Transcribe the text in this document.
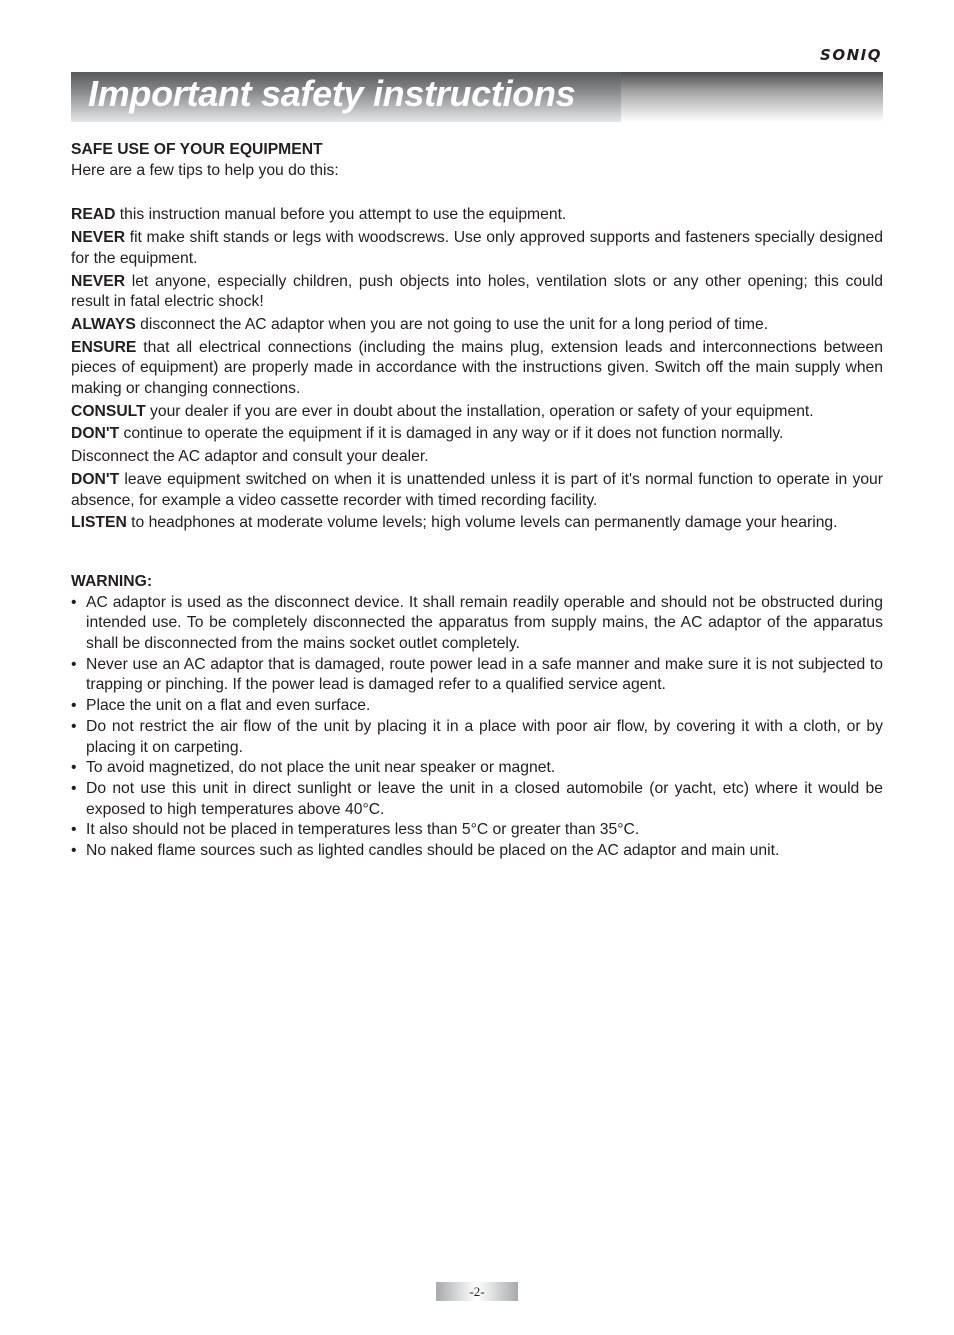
SONIQ
Important safety instructions

SAFE USE OF YOUR EQUIPMENT

Here are a few tips to help you do this:

READ this instruction manual before you attempt to use the equipment.

NEVER fit make shift stands or legs with woodscrews. Use only approved supports and fasteners specially designed for the equipment.

NEVER let anyone, especially children, push objects into holes, ventilation slots or any other opening; this could result in fatal electric shock!

ALWAYS disconnect the AC adaptor when you are not going to use the unit for a long period of time.

ENSURE that all electrical connections (including the mains plug, extension leads and interconnections between pieces of equipment) are properly made in accordance with the instructions given. Switch off the main supply when making or changing connections.

CONSULT your dealer if you are ever in doubt about the installation, operation or safety of your equipment.

DON'T continue to operate the equipment if it is damaged in any way or if it does not function normally.

Disconnect the AC adaptor and consult your dealer.

DON'T leave equipment switched on when it is unattended unless it is part of it's normal function to operate in your absence, for example a video cassette recorder with timed recording facility.

LISTEN to headphones at moderate volume levels; high volume levels can permanently damage your hearing.

WARNING:

• AC adaptor is used as the disconnect device. It shall remain readily operable and should not be obstructed during intended use. To be completely disconnected the apparatus from supply mains, the AC adaptor of the apparatus shall be disconnected from the mains socket outlet completely.
• Never use an AC adaptor that is damaged, route power lead in a safe manner and make sure it is not subjected to trapping or pinching. If the power lead is damaged refer to a qualified service agent.
• Place the unit on a flat and even surface.
• Do not restrict the air flow of the unit by placing it in a place with poor air flow, by covering it with a cloth, or by placing it on carpeting.
• To avoid magnetized, do not place the unit near speaker or magnet.
• Do not use this unit in direct sunlight or leave the unit in a closed automobile (or yacht, etc) where it would be exposed to high temperatures above 40°C.
• It also should not be placed in temperatures less than 5°C or greater than 35°C.
• No naked flame sources such as lighted candles should be placed on the AC adaptor and main unit.
-2-
